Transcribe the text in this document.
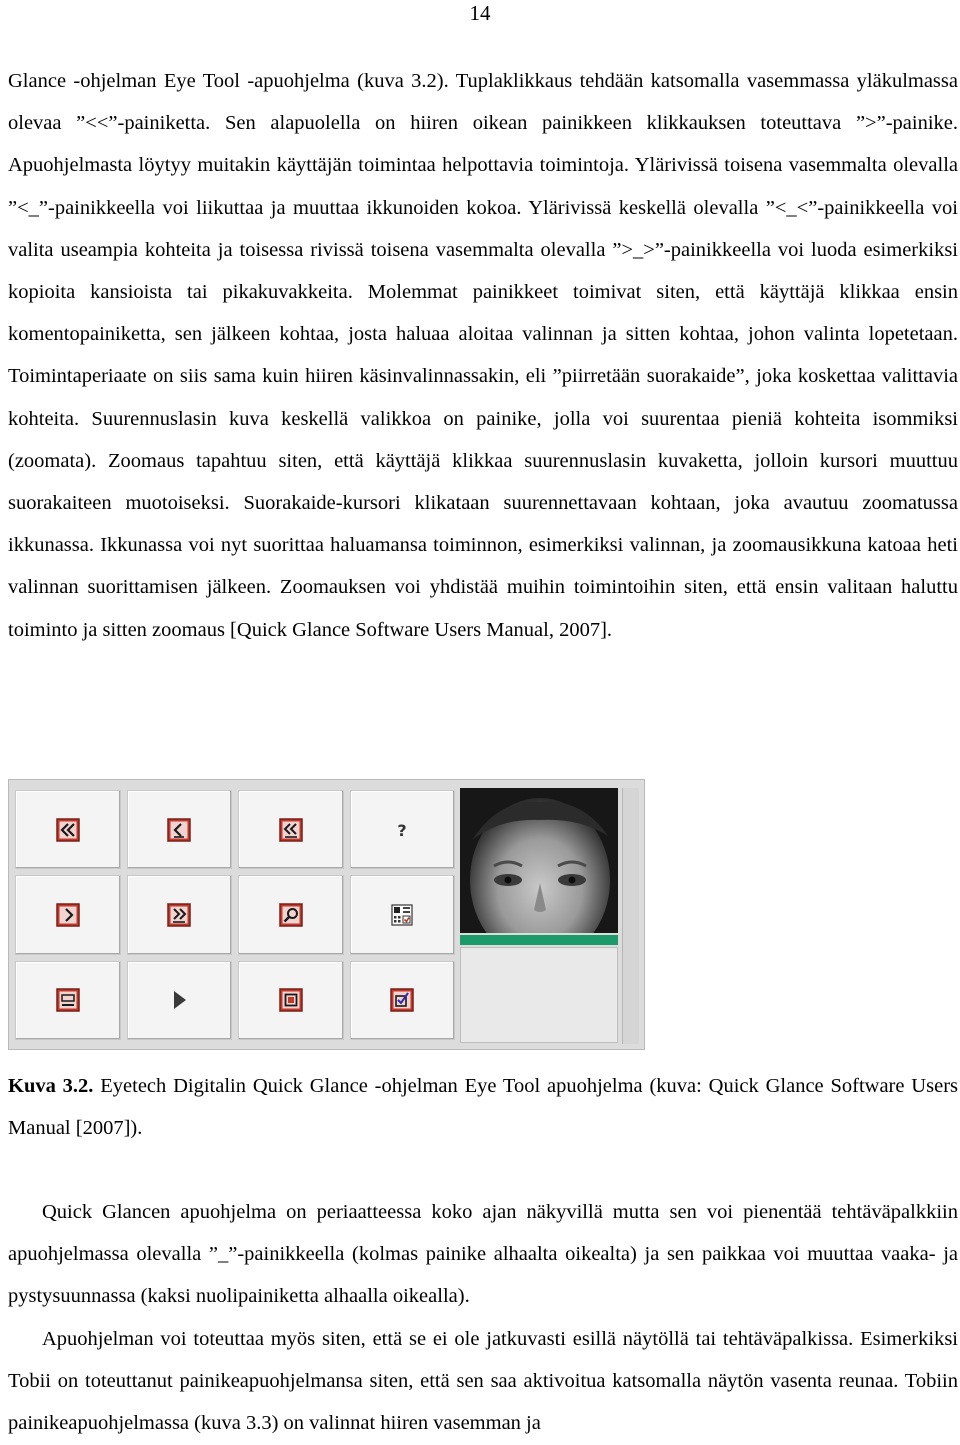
14

Glance -ohjelman Eye Tool -apuohjelma (kuva 3.2). Tuplaklikkaus tehdään katsomalla vasemmassa yläkulmassa olevaa ”<<”-painiketta. Sen alapuolella on hiiren oikean painikkeen klikkauksen toteuttava ”>”-painike. Apuohjelmasta löytyy muitakin käyttäjän toimintaa helpottavia toimintoja. Ylärivissä toisena vasemmalta olevalla ”<_”-painikkeella voi liikuttaa ja muuttaa ikkunoiden kokoa. Ylärivissä keskellä olevalla ”<_<”-painikkeella voi valita useampia kohteita ja toisessa rivissä toisena vasemmalta olevalla ”>_>”-painikkeella voi luoda esimerkiksi kopioita kansioista tai pikakuvakkeita. Molemmat painikkeet toimivat siten, että käyttäjä klikkaa ensin komentopainiketta, sen jälkeen kohtaa, josta haluaa aloitaa valinnan ja sitten kohtaa, johon valinta lopetetaan. Toimintaperiaate on siis sama kuin hiiren käsinvalinnassakin, eli ”piirretään suorakaide”, joka koskettaa valittavia kohteita. Suurennuslasin kuva keskellä valikkoa on painike, jolla voi suurentaa pieniä kohteita isommiksi (zoomata). Zoomaus tapahtuu siten, että käyttäjä klikkaa suurennuslasin kuvaketta, jolloin kursori muuttuu suorakaiteen muotoiseksi. Suorakaide-kursori klikataan suurennettavaan kohtaan, joka avautuu zoomatussa ikkunassa. Ikkunassa voi nyt suorittaa haluamansa toiminnon, esimerkiksi valinnan, ja zoomausikkuna katoaa heti valinnan suorittamisen jälkeen. Zoomauksen voi yhdistää muihin toimintoihin siten, että ensin valitaan haluttu toiminto ja sitten zoomaus [Quick Glance Software Users Manual, 2007].

?

Kuva 3.2. Eyetech Digitalin Quick Glance -ohjelman Eye Tool apuohjelma (kuva: Quick Glance Software Users Manual [2007]).

Quick Glancen apuohjelma on periaatteessa koko ajan näkyvillä mutta sen voi pienentää tehtäväpalkkiin apuohjelmassa olevalla ”_”-painikkeella (kolmas painike alhaalta oikealta) ja sen paikkaa voi muuttaa vaaka- ja pystysuunnassa (kaksi nuolipainiketta alhaalla oikealla).

Apuohjelman voi toteuttaa myös siten, että se ei ole jatkuvasti esillä näytöllä tai tehtäväpalkissa. Esimerkiksi Tobii on toteuttanut painikeapuohjelmansa siten, että sen saa aktivoitua katsomalla näytön vasenta reunaa. Tobiin painikeapuohjelmassa (kuva 3.3) on valinnat hiiren vasemman ja
